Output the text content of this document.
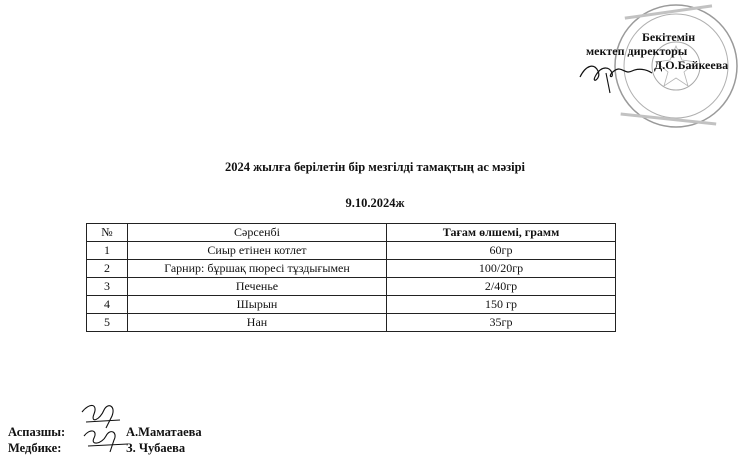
Бекітемін
мектеп директоры
Д.О.Байкеева
2024 жылға берілетін бір мезгілді тамақтың ас мәзірі
9.10.2024ж
№	Сәрсенбі	Тағам өлшемі, грамм
1	Сиыр етінен котлет	60гр
2	Гарнир: бұршақ пюресі тұздығымен	100/20гр
3	Печенье	2/40гр
4	Шырын	150 гр
5	Нан	35гр
Аспазшы:	А.Маматаева
Медбике:	З. Чубаева
